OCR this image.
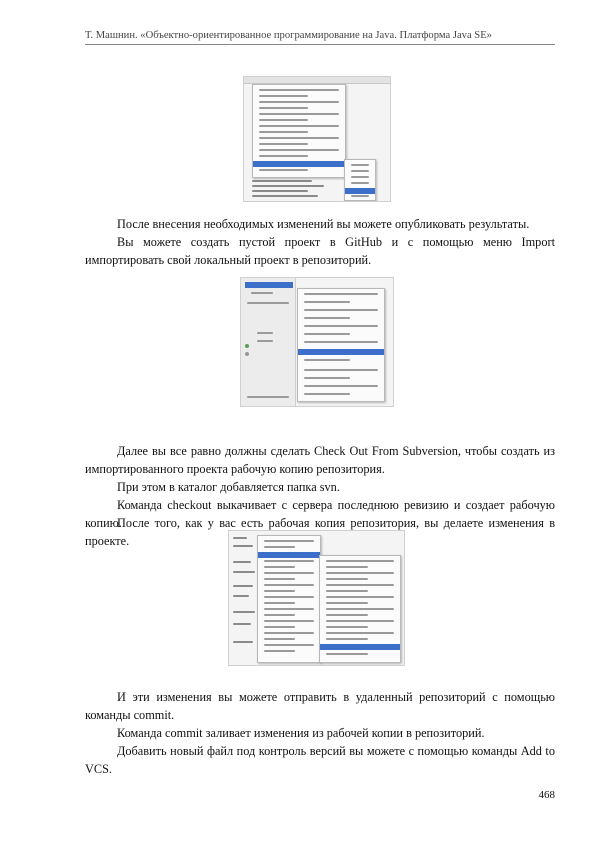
Т. Машнин. «Объектно-ориентированное программирование на Java. Платформа Java SE»
После внесения необходимых изменений вы можете опубликовать результаты.
Вы можете создать пустой проект в GitHub и с помощью меню Import импортировать свой локальный проект в репозиторий.
Далее вы все равно должны сделать Check Out From Subversion, чтобы создать из импортированного проекта рабочую копию репозитория.
При этом в каталог добавляется папка svn.
Команда checkout выкачивает с сервера последнюю ревизию и создает рабочую копию.
После того, как у вас есть рабочая копия репозитория, вы делаете изменения в проекте.
И эти изменения вы можете отправить в удаленный репозиторий с помощью команды commit.
Команда commit заливает изменения из рабочей копии в репозиторий.
Добавить новый файл под контроль версий вы можете с помощью команды Add to VCS.
468
